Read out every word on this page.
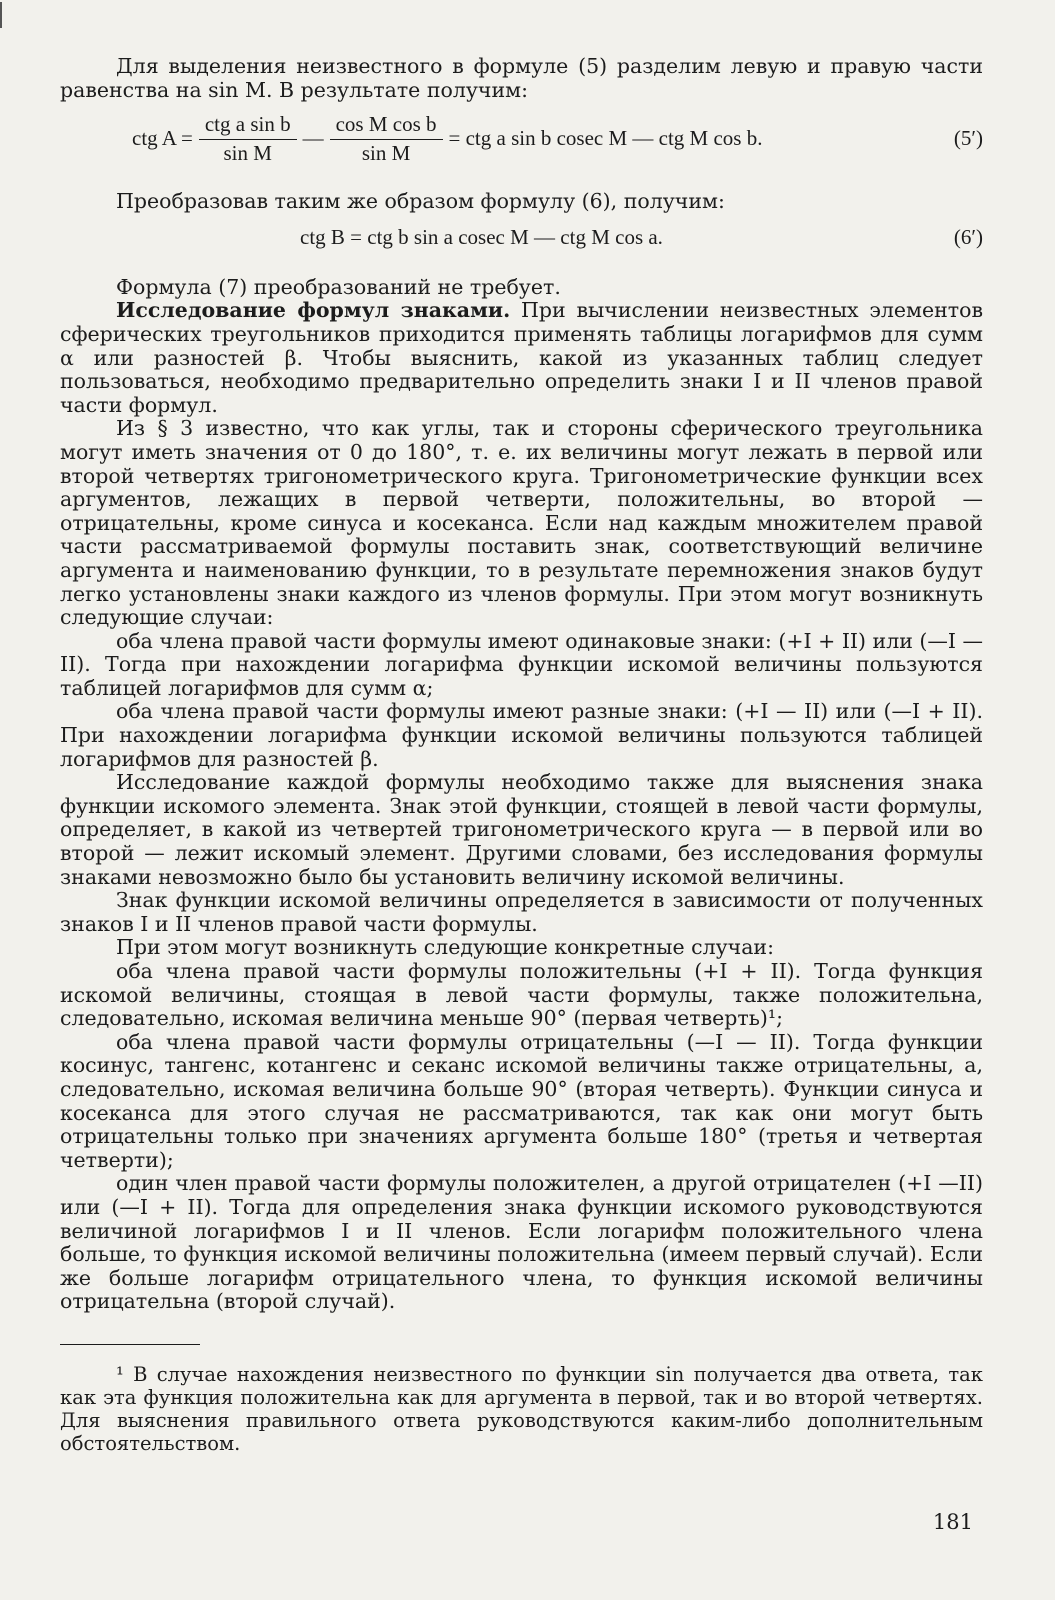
Для выделения неизвестного в формуле (5) разделим левую и правую части равенства на sin M. В результате получим:

ctg $A = \frac{\text{ctg a sin b}}{\text{sin M}}$ — $\frac{\text{cos M cos b}}{\text{sin M}}$ = ctg a sin b cosec M — ctg M cos b.	(5′)

Преобразовав таким же образом формулу (6), получим:

ctg B = ctg b sin a cosec M — ctg M cos a.	(6′)

Формула (7) преобразований не требует.

Исследование формул знаками. При вычислении неизвестных элементов сферических треугольников приходится применять таблицы логарифмов для сумм α или разностей β. Чтобы выяснить, какой из указанных таблиц следует пользоваться, необходимо предварительно определить знаки I и II членов правой части формул.

Из § 3 известно, что как углы, так и стороны сферического треугольника могут иметь значения от 0 до 180°, т. е. их величины могут лежать в первой или второй четвертях тригонометрического круга. Тригонометрические функции всех аргументов, лежащих в первой четверти, положительны, во второй — отрицательны, кроме синуса и косеканса. Если над каждым множителем правой части рассматриваемой формулы поставить знак, соответствующий величине аргумента и наименованию функции, то в результате перемножения знаков будут легко установлены знаки каждого из членов формулы. При этом могут возникнуть следующие случаи:

оба члена правой части формулы имеют одинаковые знаки: (+I + II) или (—I — II). Тогда при нахождении логарифма функции искомой величины пользуются таблицей логарифмов для сумм α;

оба члена правой части формулы имеют разные знаки: (+I — II) или (—I + II). При нахождении логарифма функции искомой величины пользуются таблицей логарифмов для разностей β.

Исследование каждой формулы необходимо также для выяснения знака функции искомого элемента. Знак этой функции, стоящей в левой части формулы, определяет, в какой из четвертей тригонометрического круга — в первой или во второй — лежит искомый элемент. Другими словами, без исследования формулы знаками невозможно было бы установить величину искомой величины.

Знак функции искомой величины определяется в зависимости от полученных знаков I и II членов правой части формулы.

При этом могут возникнуть следующие конкретные случаи:

оба члена правой части формулы положительны (+I + II). Тогда функция искомой величины, стоящая в левой части формулы, также положительна, следовательно, искомая величина меньше 90° (первая четверть)¹;

оба члена правой части формулы отрицательны (—I — II). Тогда функции косинус, тангенс, котангенс и секанс искомой величины также отрицательны, а, следовательно, искомая величина больше 90° (вторая четверть). Функции синуса и косеканса для этого случая не рассматриваются, так как они могут быть отрицательны только при значениях аргумента больше 180° (третья и четвертая четверти);

один член правой части формулы положителен, а другой отрицателен (+I —II) или (—I + II). Тогда для определения знака функции искомого руководствуются величиной логарифмов I и II членов. Если логарифм положительного члена больше, то функция искомой величины положительна (имеем первый случай). Если же больше логарифм отрицательного члена, то функция искомой величины отрицательна (второй случай).

¹ В случае нахождения неизвестного по функции sin получается два ответа, так как эта функция положительна как для аргумента в первой, так и во второй четвертях. Для выяснения правильного ответа руководствуются каким-либо дополнительным обстоятельством.

181
